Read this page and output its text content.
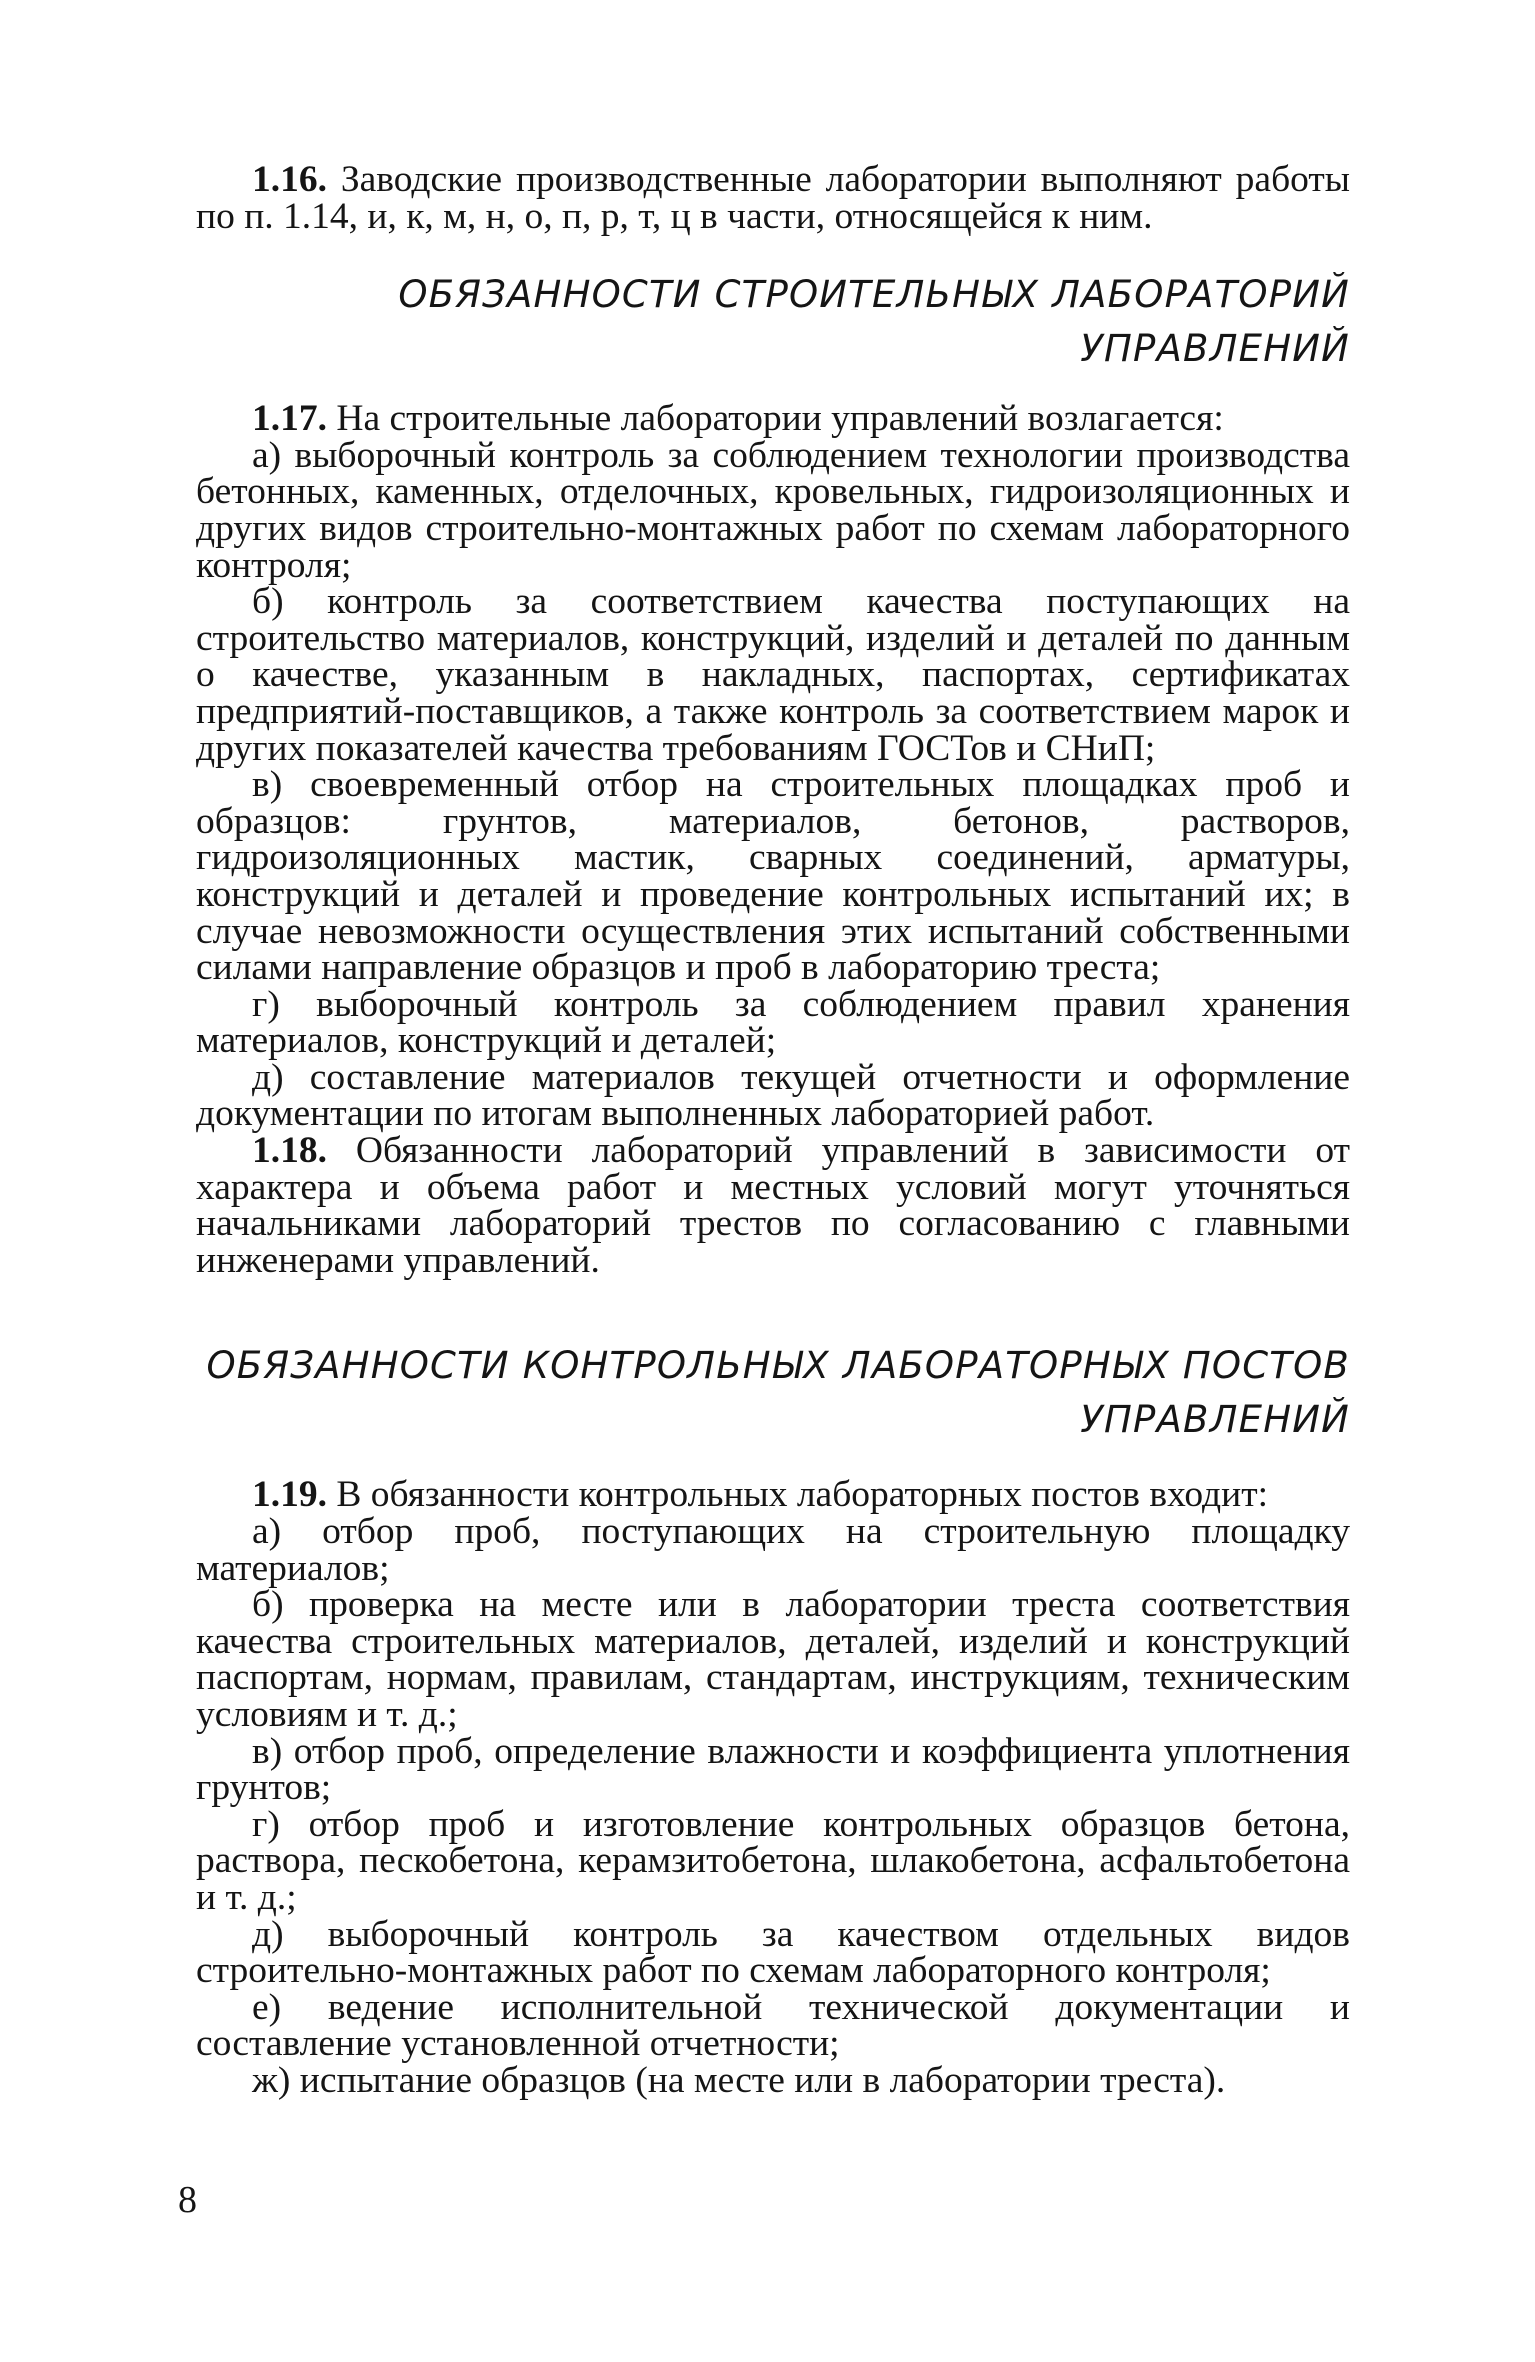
1.16. Заводские производственные лаборатории выполняют работы по п. 1.14, и, к, м, н, о, п, р, т, ц в части, относящейся к ним.

ОБЯЗАННОСТИ СТРОИТЕЛЬНЫХ ЛАБОРАТОРИЙ
УПРАВЛЕНИЙ

1.17. На строительные лаборатории управлений возлагается:

а) выборочный контроль за соблюдением технологии производства бетонных, каменных, отделочных, кровельных, гидроизоляционных и других видов строительно-монтажных работ по схемам лабораторного контроля;

б) контроль за соответствием качества поступающих на строительство материалов, конструкций, изделий и деталей по данным о качестве, указанным в накладных, паспортах, сертификатах предприятий-поставщиков, а также контроль за соответствием марок и других показателей качества требованиям ГОСТов и СНиП;

в) своевременный отбор на строительных площадках проб и образцов: грунтов, материалов, бетонов, растворов, гидроизоляционных мастик, сварных соединений, арматуры, конструкций и деталей и проведение контрольных испытаний их; в случае невозможности осуществления этих испытаний собственными силами направление образцов и проб в лабораторию треста;

г) выборочный контроль за соблюдением правил хранения материалов, конструкций и деталей;

д) составление материалов текущей отчетности и оформление документации по итогам выполненных лабораторией работ.

1.18. Обязанности лабораторий управлений в зависимости от характера и объема работ и местных условий могут уточняться начальниками лабораторий трестов по согласованию с главными инженерами управлений.

ОБЯЗАННОСТИ КОНТРОЛЬНЫХ ЛАБОРАТОРНЫХ ПОСТОВ
УПРАВЛЕНИЙ

1.19. В обязанности контрольных лабораторных постов входит:

а) отбор проб, поступающих на строительную площадку материалов;

б) проверка на месте или в лаборатории треста соответствия качества строительных материалов, деталей, изделий и конструкций паспортам, нормам, правилам, стандартам, инструкциям, техническим условиям и т. д.;

в) отбор проб, определение влажности и коэффициента уплотнения грунтов;

г) отбор проб и изготовление контрольных образцов бетона, раствора, пескобетона, керамзитобетона, шлакобетона, асфальтобетона и т. д.;

д) выборочный контроль за качеством отдельных видов строительно-монтажных работ по схемам лабораторного контроля;

е) ведение исполнительной технической документации и составление установленной отчетности;

ж) испытание образцов (на месте или в лаборатории треста).

8
